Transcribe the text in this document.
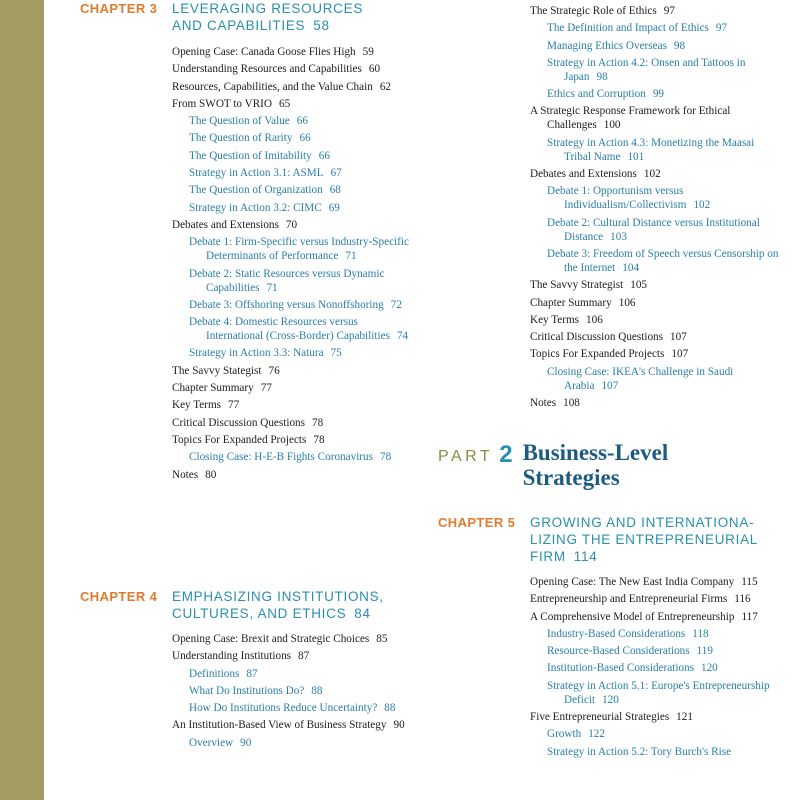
CHAPTER 3	LEVERAGING RESOURCES
AND CAPABILITIES 58
Opening Case: Canada Goose Flies High 59
Understanding Resources and Capabilities 60
Resources, Capabilities, and the Value Chain 62
From SWOT to VRIO 65
The Question of Value 66
The Question of Rarity 66
The Question of Imitability 66
Strategy in Action 3.1: ASML 67
The Question of Organization 68
Strategy in Action 3.2: CIMC 69
Debates and Extensions 70
Debate 1: Firm-Specific versus Industry-Specific Determinants of Performance 71
Debate 2: Static Resources versus Dynamic Capabilities 71
Debate 3: Offshoring versus Nonoffshoring 72
Debate 4: Domestic Resources versus International (Cross-Border) Capabilities 74
Strategy in Action 3.3: Natura 75
The Savvy Stategist 76
Chapter Summary 77
Key Terms 77
Critical Discussion Questions 78
Topics For Expanded Projects 78
Closing Case: H-E-B Fights Coronavirus 78
Notes 80
CHAPTER 4	EMPHASIZING INSTITUTIONS,
CULTURES, AND ETHICS 84
Opening Case: Brexit and Strategic Choices 85
Understanding Institutions 87
Definitions 87
What Do Institutions Do? 88
How Do Institutions Reduce Uncertainty? 88
An Institution-Based View of Business Strategy 90
Overview 90
The Strategic Role of Ethics 97
The Definition and Impact of Ethics 97
Managing Ethics Overseas 98
Strategy in Action 4.2: Onsen and Tattoos in Japan 98
Ethics and Corruption 99
A Strategic Response Framework for Ethical Challenges 100
Strategy in Action 4.3: Monetizing the Maasai Tribal Name 101
Debates and Extensions 102
Debate 1: Opportunism versus Individualism/Collectivism 102
Debate 2: Cultural Distance versus Institutional Distance 103
Debate 3: Freedom of Speech versus Censorship on the Internet 104
The Savvy Strategist 105
Chapter Summary 106
Key Terms 106
Critical Discussion Questions 107
Topics For Expanded Projects 107
Closing Case: IKEA's Challenge in Saudi Arabia 107
Notes 108
PART 2 Business-Level Strategies
CHAPTER 5	GROWING AND INTERNATIONA-
LIZING THE ENTREPRENEURIAL
FIRM 114
Opening Case: The New East India Company 115
Entrepreneurship and Entrepreneurial Firms 116
A Comprehensive Model of Entrepreneurship 117
Industry-Based Considerations 118
Resource-Based Considerations 119
Institution-Based Considerations 120
Strategy in Action 5.1: Europe's Entrepreneurship Deficit 120
Five Entrepreneurial Strategies 121
Growth 122
Strategy in Action 5.2: Tory Burch's Rise
